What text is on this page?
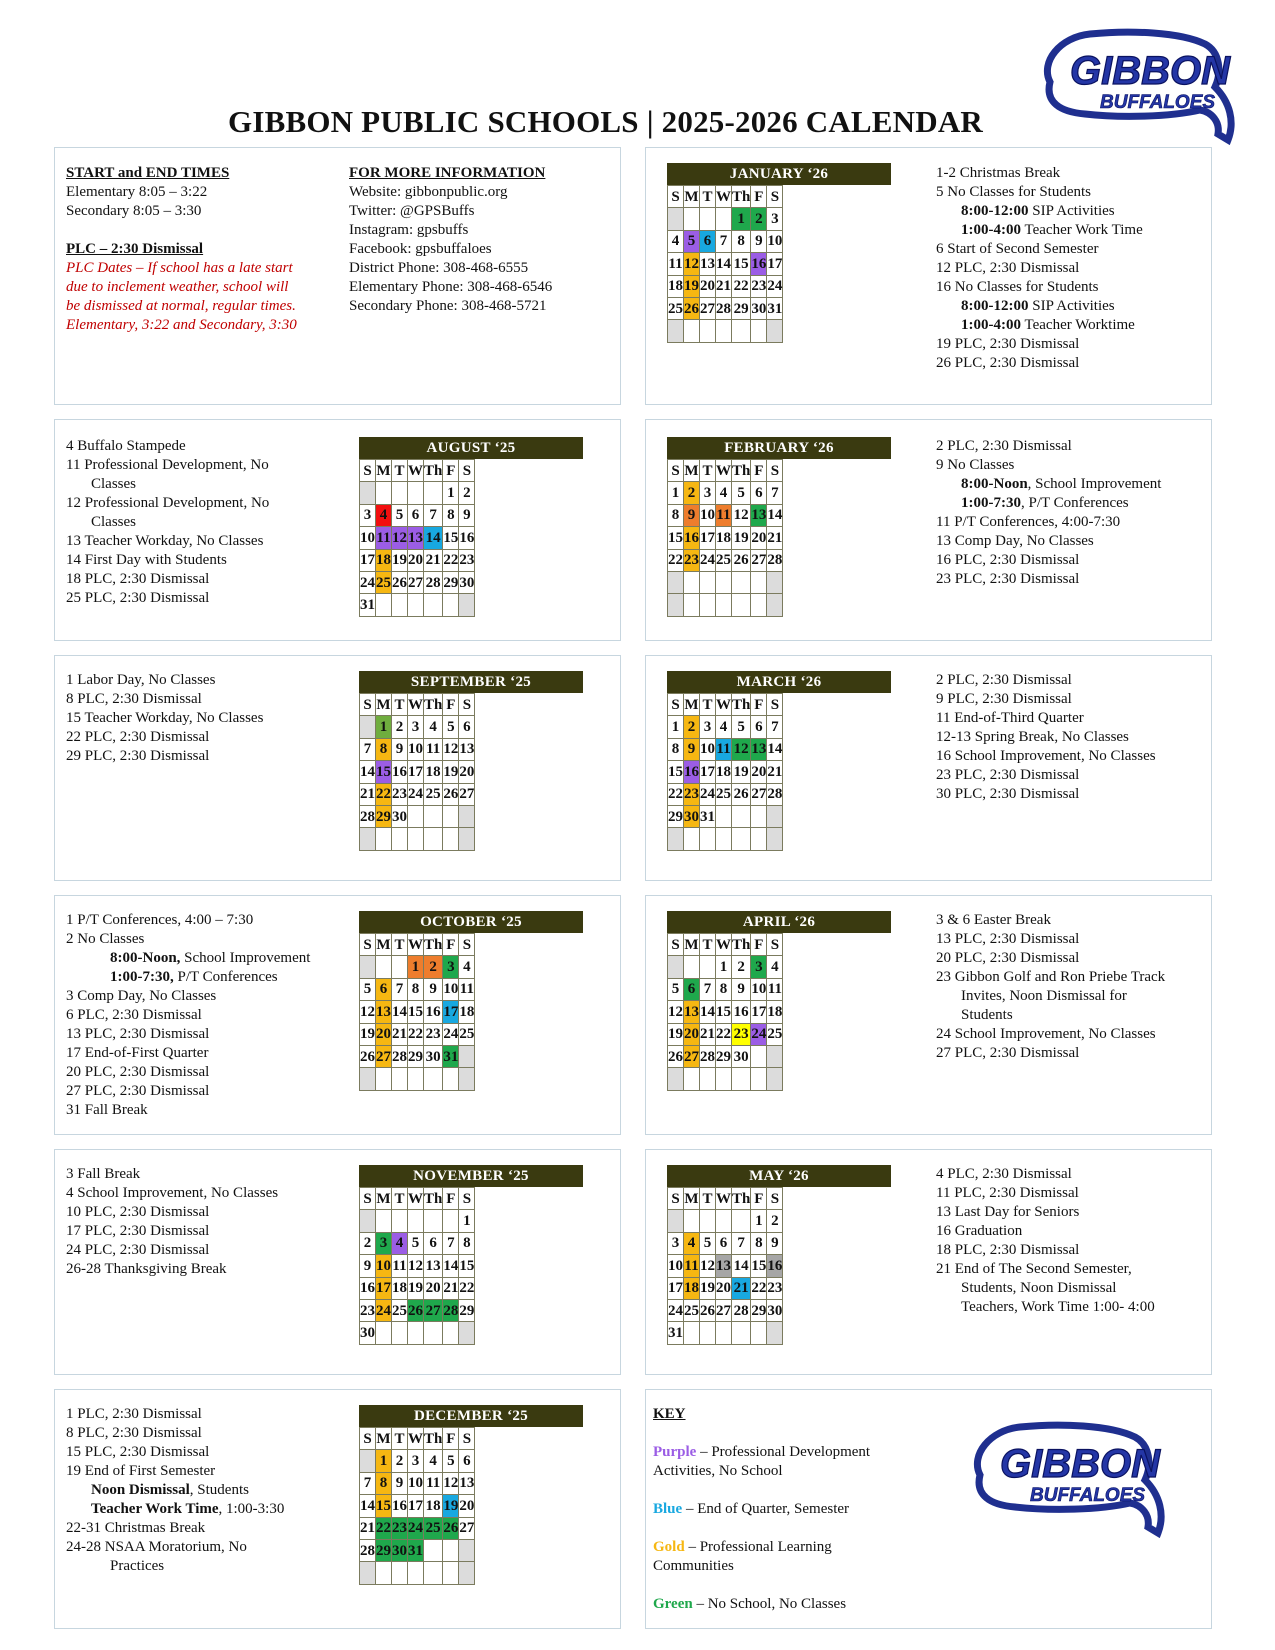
GIBBON PUBLIC SCHOOLS | 2025-2026 CALENDAR
GIBBON
BUFFALOES
START and END TIMES
Elementary 8:05 – 3:22
Secondary 8:05 – 3:30
PLC – 2:30 Dismissal
PLC Dates – If school has a late start
due to inclement weather, school will
be dismissed at normal, regular times.
Elementary, 3:22 and Secondary, 3:30
FOR MORE INFORMATION
Website: gibbonpublic.org
Twitter: @GPSBuffs
Instagram: gpsbuffs
Facebook: gpsbuffaloes
District Phone: 308-468-6555
Elementary Phone: 308-468-6546
Secondary Phone: 308-468-5721
4 Buffalo Stampede
11 Professional Development, No
Classes
12 Professional Development, No
Classes
13 Teacher Workday, No Classes
14 First Day with Students
18 PLC, 2:30 Dismissal
25 PLC, 2:30 Dismissal
1 Labor Day, No Classes
8 PLC, 2:30 Dismissal
15 Teacher Workday, No Classes
22 PLC, 2:30 Dismissal
29 PLC, 2:30 Dismissal
1 P/T Conferences, 4:00 – 7:30
2 No Classes
8:00-Noon, School Improvement
1:00-7:30, P/T Conferences
3 Comp Day, No Classes
6 PLC, 2:30 Dismissal
13 PLC, 2:30 Dismissal
17 End-of-First Quarter
20 PLC, 2:30 Dismissal
27 PLC, 2:30 Dismissal
31 Fall Break
3 Fall Break
4 School Improvement, No Classes
10 PLC, 2:30 Dismissal
17 PLC, 2:30 Dismissal
24 PLC, 2:30 Dismissal
26-28 Thanksgiving Break
1 PLC, 2:30 Dismissal
8 PLC, 2:30 Dismissal
15 PLC, 2:30 Dismissal
19 End of First Semester
Noon Dismissal, Students
Teacher Work Time, 1:00-3:30
22-31 Christmas Break
24-28 NSAA Moratorium, No
Practices
1-2 Christmas Break
5 No Classes for Students
8:00-12:00 SIP Activities
1:00-4:00 Teacher Work Time
6 Start of Second Semester
12 PLC, 2:30 Dismissal
16 No Classes for Students
8:00-12:00 SIP Activities
1:00-4:00 Teacher Worktime
19 PLC, 2:30 Dismissal
26 PLC, 2:30 Dismissal
2 PLC, 2:30 Dismissal
9 No Classes
8:00-Noon, School Improvement
1:00-7:30, P/T Conferences
11 P/T Conferences, 4:00-7:30
13 Comp Day, No Classes
16 PLC, 2:30 Dismissal
23 PLC, 2:30 Dismissal
2 PLC, 2:30 Dismissal
9 PLC, 2:30 Dismissal
11 End-of-Third Quarter
12-13 Spring Break, No Classes
16 School Improvement, No Classes
23 PLC, 2:30 Dismissal
30 PLC, 2:30 Dismissal
3 & 6 Easter Break
13 PLC, 2:30 Dismissal
20 PLC, 2:30 Dismissal
23 Gibbon Golf and Ron Priebe Track
Invites, Noon Dismissal for
Students
24 School Improvement, No Classes
27 PLC, 2:30 Dismissal
4 PLC, 2:30 Dismissal
11 PLC, 2:30 Dismissal
13 Last Day for Seniors
16 Graduation
18 PLC, 2:30 Dismissal
21 End of The Second Semester,
Students, Noon Dismissal
Teachers, Work Time 1:00- 4:00
KEY
Purple – Professional Development
Activities, No School
Blue – End of Quarter, Semester
Gold – Professional Learning
Communities
Green – No School, No Classes
GIBBON
BUFFALOES
AUGUST ‘25
S	M	T	W	Th	F	S
					1	2
3	4	5	6	7	8	9
10	11	12	13	14	15	16
17	18	19	20	21	22	23
24	25	26	27	28	29	30
31						
SEPTEMBER ‘25
S	M	T	W	Th	F	S
	1	2	3	4	5	6
7	8	9	10	11	12	13
14	15	16	17	18	19	20
21	22	23	24	25	26	27
28	29	30				

OCTOBER ‘25
S	M	T	W	Th	F	S
			1	2	3	4
5	6	7	8	9	10	11
12	13	14	15	16	17	18
19	20	21	22	23	24	25
26	27	28	29	30	31	

NOVEMBER ‘25
S	M	T	W	Th	F	S
						1
2	3	4	5	6	7	8
9	10	11	12	13	14	15
16	17	18	19	20	21	22
23	24	25	26	27	28	29
30						
DECEMBER ‘25
S	M	T	W	Th	F	S
	1	2	3	4	5	6
7	8	9	10	11	12	13
14	15	16	17	18	19	20
21	22	23	24	25	26	27
28	29	30	31			

JANUARY ‘26
S	M	T	W	Th	F	S
				1	2	3
4	5	6	7	8	9	10
11	12	13	14	15	16	17
18	19	20	21	22	23	24
25	26	27	28	29	30	31

FEBRUARY ‘26
S	M	T	W	Th	F	S
1	2	3	4	5	6	7
8	9	10	11	12	13	14
15	16	17	18	19	20	21
22	23	24	25	26	27	28

MARCH ‘26
S	M	T	W	Th	F	S
1	2	3	4	5	6	7
8	9	10	11	12	13	14
15	16	17	18	19	20	21
22	23	24	25	26	27	28
29	30	31				

APRIL ‘26
S	M	T	W	Th	F	S
			1	2	3	4
5	6	7	8	9	10	11
12	13	14	15	16	17	18
19	20	21	22	23	24	25
26	27	28	29	30		

MAY ‘26
S	M	T	W	Th	F	S
					1	2
3	4	5	6	7	8	9
10	11	12	13	14	15	16
17	18	19	20	21	22	23
24	25	26	27	28	29	30
31						
